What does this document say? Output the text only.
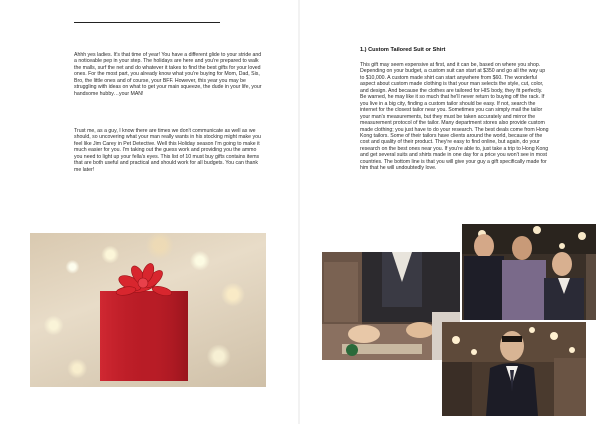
Ahhh yes ladies. It's that time of year! You have a different glide to your stride and a noticeable pep in your step. The holidays are here and you're prepared to walk the malls, surf the net and do whatever it takes to find the best gifts for your loved ones. For the most part, you already know what you're buying for Mom, Dad, Sis, Bro, the little ones and of course, your BFF. However, this year you may be struggling with ideas on what to get your main squeeze, the dude in your life, your handsome hubby…your MAN!

Trust me, as a guy, I know there are times we don't communicate as well as we should, so uncovering what your man really wants in his stocking might make you feel like Jim Carey in Pet Detective. Well this Holiday season I'm going to make it much easier for you. I'm taking out the guess work and providing you the ammo you need to light up your fella's eyes. This list of 10 must buy gifts contains items that are both useful and practical and should work for all budgets. You can thank me later!

1.) Custom Tailored Suit or Shirt

This gift may seem expensive at first, and it can be, based on where you shop. Depending on your budget, a custom suit can start at $350 and go all the way up to $10,000. A custom made shirt can start anywhere from $60. The wonderful aspect about custom made clothing is that your man selects the style, cut, color, and design. And because the clothes are tailored for HIS body, they fit perfectly. Be warned, he may like it so much that he'll never return to buying off the rack. If you live in a big city, finding a custom tailor should be easy. If not, search the internet for the closest tailor near you. Sometimes you can simply mail the tailor your man's measurements, but they must be taken accurately and mirror the measurement protocol of the tailor. Many department stores also provide custom made clothing; you just have to do your research. The best deals come from Hong Kong tailors. Some of their tailors have clients around the world, because of the cost and quality of their product. They're easy to find online, but again, do your research on the best ones near you. If you're able to, just take a trip to Hong Kong and get several suits and shirts made in one day for a price you won't see in most countries. The bottom line is that you will give your guy a gift specifically made for him that he will undoubtedly love.
